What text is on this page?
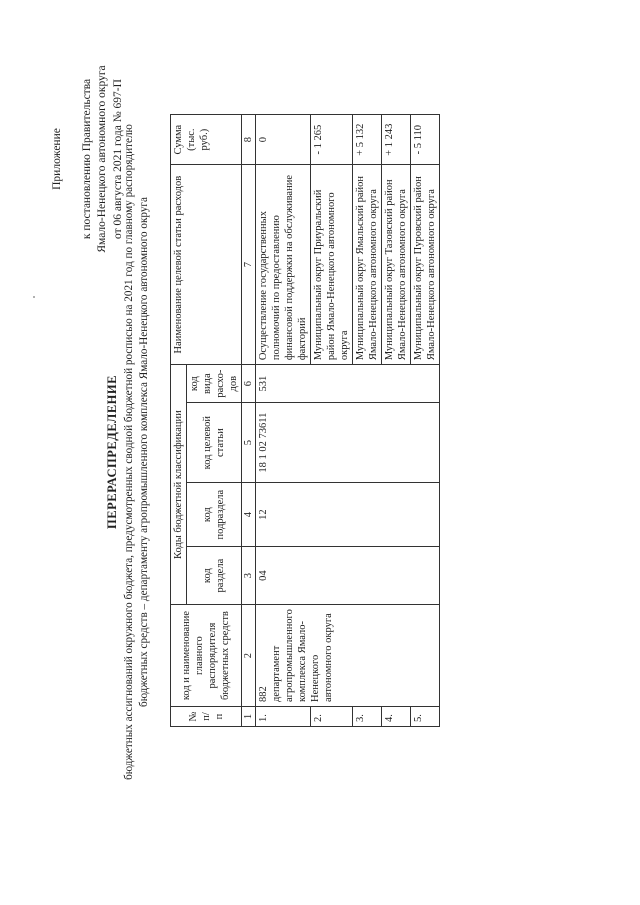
Приложение к постановлению Правительства Ямало-Ненецкого автономного округа от 06 августа 2021 года № 697-П
ПЕРЕРАСПРЕДЕЛЕНИЕ бюджетных ассигнований окружного бюджета, предусмотренных сводной бюджетной росписью на 2021 год по главному распорядителю бюджетных средств – департаменту агропромышленного комплекса Ямало-Ненецкого автономного округа
№ п/п	код и наименование главного распорядителя бюджетных средств	Коды бюджетной классификации				Наименование целевой статьи расходов	Сумма (тыс. руб.)
		код раздела	код подраздела	код целевой статьи	код вида расхо-дов		
1	2	3	4	5	6	7	8
1.	882 департамент агропромышленного комплекса Ямало-Ненецкого автономного округа	04	12	18 1 02 73611	531	Осуществление государственных полномочий по предоставлению финансовой поддержки на обслуживание факторий	0
2.						Муниципальный округ Приуральский район Ямало-Ненецкого автономного округа	- 1 265
3.						Муниципальный округ Ямальский район Ямало-Ненецкого автономного округа	+ 5 132
4.						Муниципальный округ Тазовский район Ямало-Ненецкого автономного округа	+ 1 243
5.						Муниципальный округ Пуровский район Ямало-Ненецкого автономного округа	- 5 110
